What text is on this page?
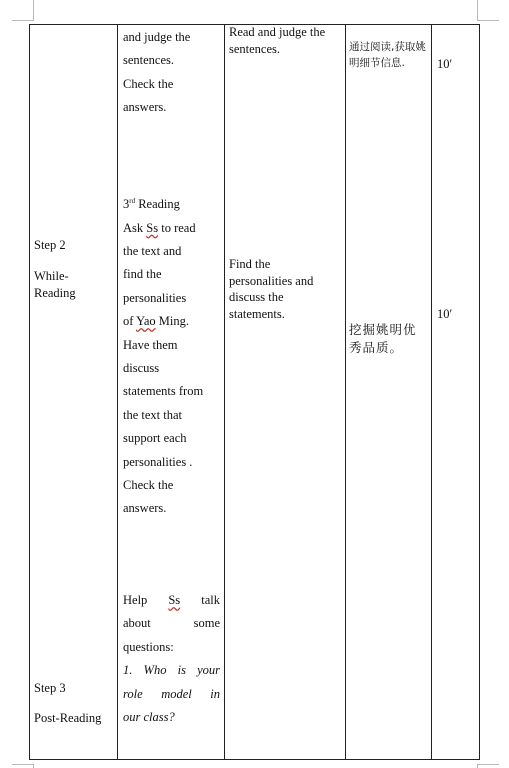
Step 2
While-
Reading
Step 3
Post-Reading

and judge the

sentences.

Check the

answers.

3rd Reading

Ask Ss to read

the text and

find the

personalities

of Yao Ming.

Have them

discuss

statements from

the text that

support each

personalities .

Check the

answers.

Help Ss talk

about	some

questions:

1. Who is your

role model in

our class?

Read and judge the

sentences.

Find the

personalities and

discuss the

statements.

通过阅读,获取姚明细节信息.
挖掘姚明优秀品质。
10′
10′
